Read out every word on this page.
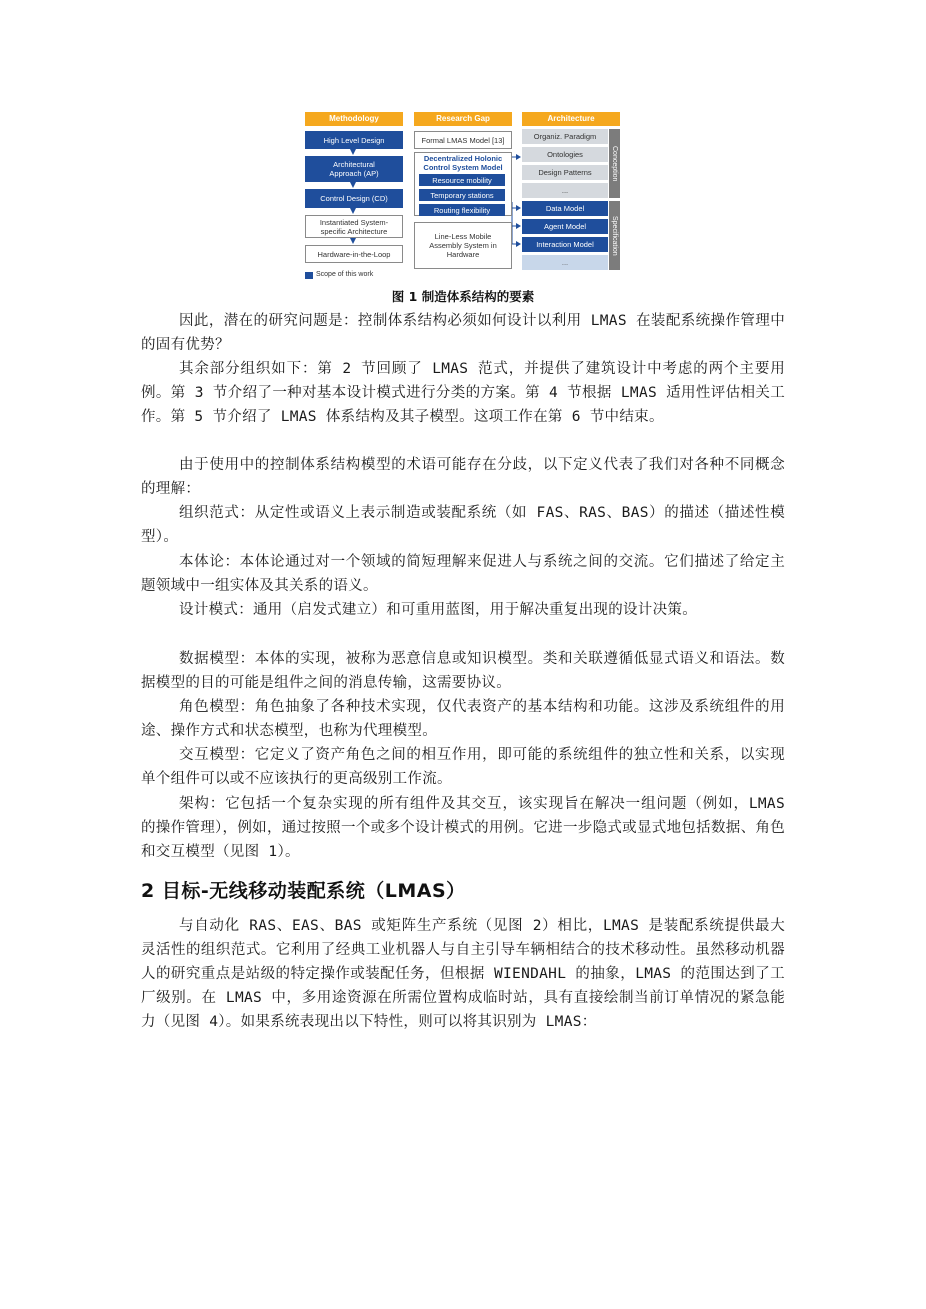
Methodology
High Level Design
Architectural Approach (AP)
Control Design (CD)
Instantiated System-specific Architecture
Hardware-in-the-Loop
Scope of this work
Research Gap
Formal LMAS Model [13]
Decentralized Holonic Control System Model
Resource mobility
Temporary stations
Routing flexibility
Line-Less Mobile Assembly System in Hardware
Architecture
Organiz. Paradigm
Ontologies
Design Patterns
...
Conception
Data Model
Agent Model
Interaction Model
...
Specification
图 1 制造体系结构的要素

因此，潜在的研究问题是：控制体系结构必须如何设计以利用 LMAS 在装配系统操作管理中的固有优势？

其余部分组织如下：第 2 节回顾了 LMAS 范式，并提供了建筑设计中考虑的两个主要用例。第 3 节介绍了一种对基本设计模式进行分类的方案。第 4 节根据 LMAS 适用性评估相关工作。第 5 节介绍了 LMAS 体系结构及其子模型。这项工作在第 6 节中结束。

由于使用中的控制体系结构模型的术语可能存在分歧，以下定义代表了我们对各种不同概念的理解：

组织范式：从定性或语义上表示制造或装配系统（如 FAS、RAS、BAS）的描述（描述性模型）。

本体论：本体论通过对一个领域的简短理解来促进人与系统之间的交流。它们描述了给定主题领域中一组实体及其关系的语义。

设计模式：通用（启发式建立）和可重用蓝图，用于解决重复出现的设计决策。

数据模型：本体的实现，被称为恶意信息或知识模型。类和关联遵循低显式语义和语法。数据模型的目的可能是组件之间的消息传输，这需要协议。

角色模型：角色抽象了各种技术实现，仅代表资产的基本结构和功能。这涉及系统组件的用途、操作方式和状态模型，也称为代理模型。

交互模型：它定义了资产角色之间的相互作用，即可能的系统组件的独立性和关系，以实现单个组件可以或不应该执行的更高级别工作流。

架构：它包括一个复杂实现的所有组件及其交互，该实现旨在解决一组问题（例如，LMAS 的操作管理），例如，通过按照一个或多个设计模式的用例。它进一步隐式或显式地包括数据、角色和交互模型（见图 1）。

2 目标-无线移动装配系统（LMAS）

与自动化 RAS、EAS、BAS 或矩阵生产系统（见图 2）相比，LMAS 是装配系统提供最大灵活性的组织范式。它利用了经典工业机器人与自主引导车辆相结合的技术移动性。虽然移动机器人的研究重点是站级的特定操作或装配任务，但根据 WIENDAHL 的抽象，LMAS 的范围达到了工厂级别。在 LMAS 中，多用途资源在所需位置构成临时站，具有直接绘制当前订单情况的紧急能力（见图 4）。如果系统表现出以下特性，则可以将其识别为 LMAS：
